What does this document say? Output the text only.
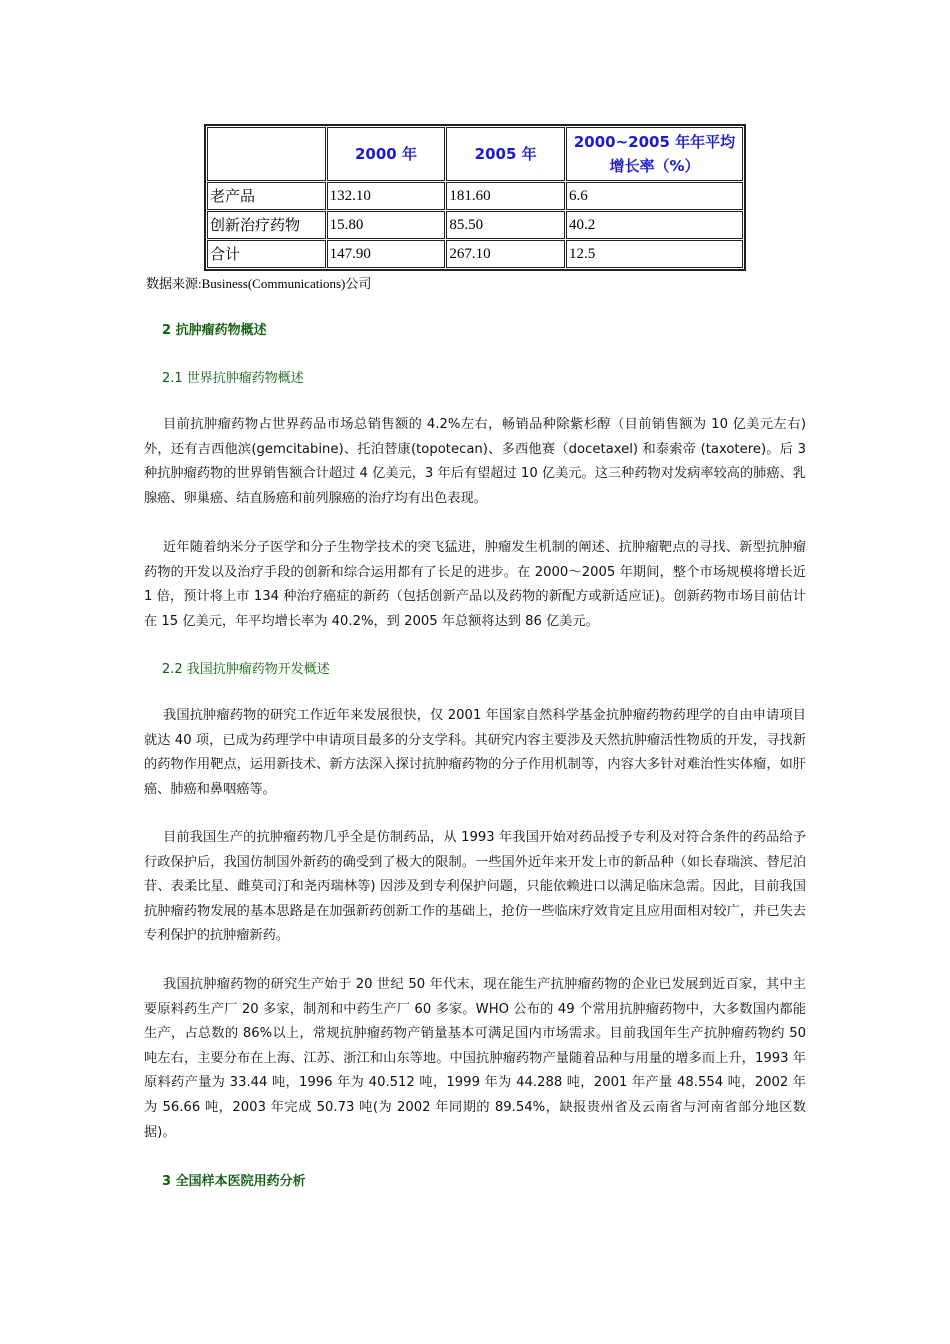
	2000 年	2005 年	2000~2005 年年平均增长率（%）
老产品	132.10	181.60	6.6
创新治疗药物	15.80	85.50	40.2
合计	147.90	267.10	12.5
数据来源:Business(Communications)公司
2 抗肿瘤药物概述
2.1 世界抗肿瘤药物概述

目前抗肿瘤药物占世界药品市场总销售额的 4.2%左右，畅销品种除紫杉醇（目前销售额为 10 亿美元左右)外，还有吉西他滨(gemcitabine)、托泊替康(topotecan)、多西他赛（docetaxel) 和泰索帝 (taxotere)。后 3 种抗肿瘤药物的世界销售额合计超过 4 亿美元，3 年后有望超过 10 亿美元。这三种药物对发病率较高的肺癌、乳腺癌、卵巢癌、结直肠癌和前列腺癌的治疗均有出色表现。

近年随着纳米分子医学和分子生物学技术的突飞猛进，肿瘤发生机制的阐述、抗肿瘤靶点的寻找、新型抗肿瘤药物的开发以及治疗手段的创新和综合运用都有了长足的进步。在 2000～2005 年期间，整个市场规模将增长近 1 倍，预计将上市 134 种治疗癌症的新药（包括创新产品以及药物的新配方或新适应证)。创新药物市场目前估计在 15 亿美元，年平均增长率为 40.2%，到 2005 年总额将达到 86 亿美元。

2.2 我国抗肿瘤药物开发概述

我国抗肿瘤药物的研究工作近年来发展很快，仅 2001 年国家自然科学基金抗肿瘤药物药理学的自由申请项目就达 40 项，已成为药理学中申请项目最多的分支学科。其研究内容主要涉及天然抗肿瘤活性物质的开发，寻找新的药物作用靶点，运用新技术、新方法深入探讨抗肿瘤药物的分子作用机制等，内容大多针对难治性实体瘤，如肝癌、肺癌和鼻咽癌等。

目前我国生产的抗肿瘤药物几乎全是仿制药品，从 1993 年我国开始对药品授予专利及对符合条件的药品给予行政保护后，我国仿制国外新药的确受到了极大的限制。一些国外近年来开发上市的新品种（如长春瑞滨、替尼泊苷、表柔比星、雌莫司汀和尧丙瑞林等) 因涉及到专利保护问题，只能依赖进口以满足临床急需。因此，目前我国抗肿瘤药物发展的基本思路是在加强新药创新工作的基础上，抢仿一些临床疗效肯定且应用面相对较广，并已失去专利保护的抗肿瘤新药。

我国抗肿瘤药物的研究生产始于 20 世纪 50 年代末，现在能生产抗肿瘤药物的企业已发展到近百家，其中主要原料药生产厂 20 多家，制剂和中药生产厂 60 多家。WHO 公布的 49 个常用抗肿瘤药物中，大多数国内都能生产，占总数的 86%以上，常规抗肿瘤药物产销量基本可满足国内市场需求。目前我国年生产抗肿瘤药物约 50 吨左右，主要分布在上海、江苏、浙江和山东等地。中国抗肿瘤药物产量随着品种与用量的增多而上升，1993 年原料药产量为 33.44 吨，1996 年为 40.512 吨，1999 年为 44.288 吨，2001 年产量 48.554 吨，2002 年为 56.66 吨，2003 年完成 50.73 吨(为 2002 年同期的 89.54%，缺报贵州省及云南省与河南省部分地区数据)。

3 全国样本医院用药分析
